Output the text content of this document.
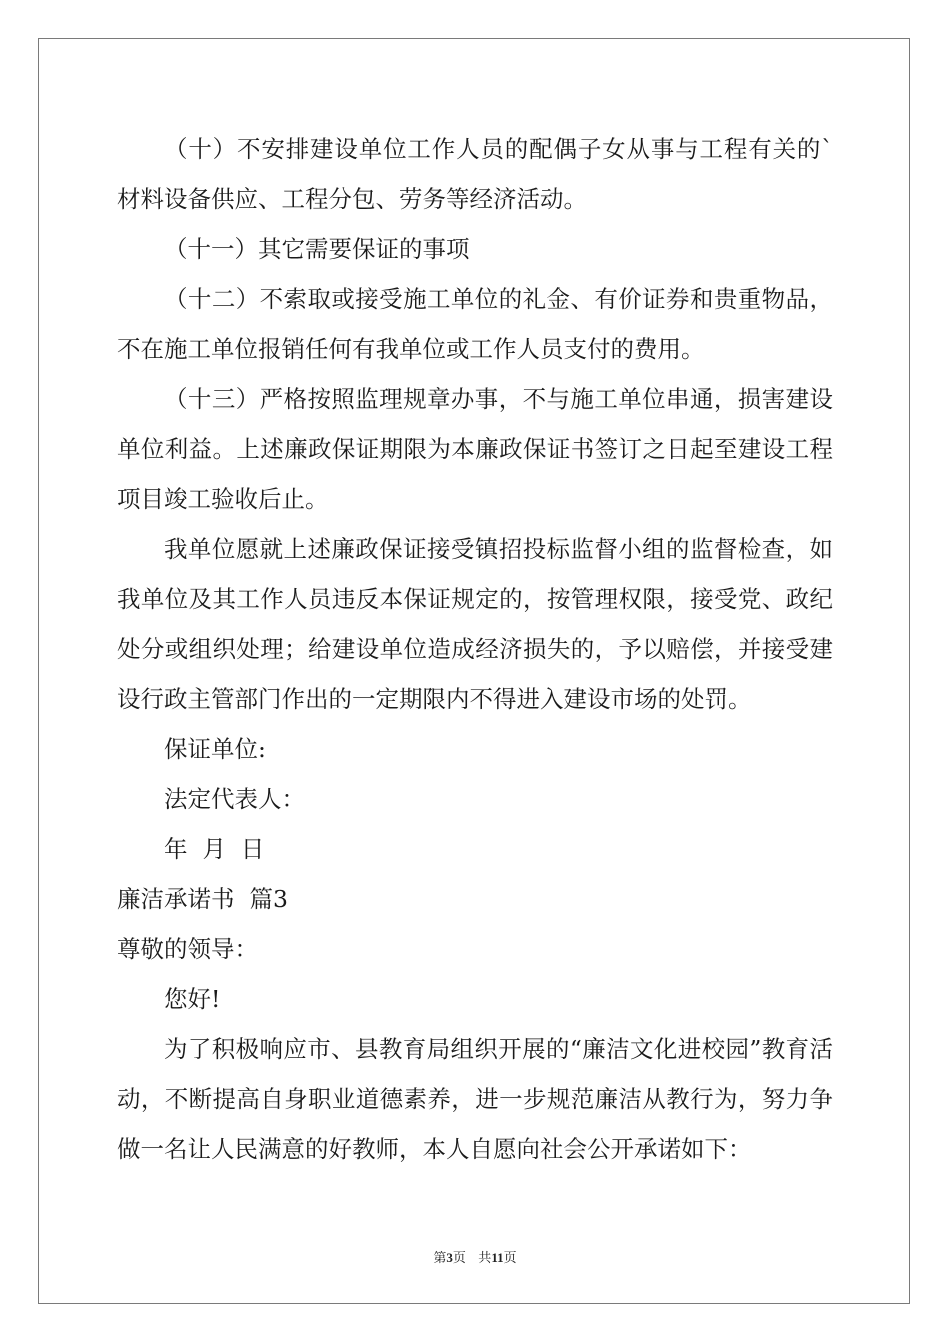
（十）不安排建设单位工作人员的配偶子女从事与工程有关的`材料设备供应、工程分包、劳务等经济活动。
（十一）其它需要保证的事项
（十二）不索取或接受施工单位的礼金、有价证券和贵重物品，不在施工单位报销任何有我单位或工作人员支付的费用。
（十三）严格按照监理规章办事，不与施工单位串通，损害建设单位利益。上述廉政保证期限为本廉政保证书签订之日起至建设工程项目竣工验收后止。
我单位愿就上述廉政保证接受镇招投标监督小组的监督检查，如我单位及其工作人员违反本保证规定的，按管理权限，接受党、政纪处分或组织处理；给建设单位造成经济损失的，予以赔偿，并接受建设行政主管部门作出的一定期限内不得进入建设市场的处罚。
保证单位:
法定代表人：
年  月  日
廉洁承诺书  篇3
尊敬的领导：
您好!
为了积极响应市、县教育局组织开展的“廉洁文化进校园”教育活动，不断提高自身职业道德素养，进一步规范廉洁从教行为，努力争做一名让人民满意的好教师，本人自愿向社会公开承诺如下：
第3页 共11页
